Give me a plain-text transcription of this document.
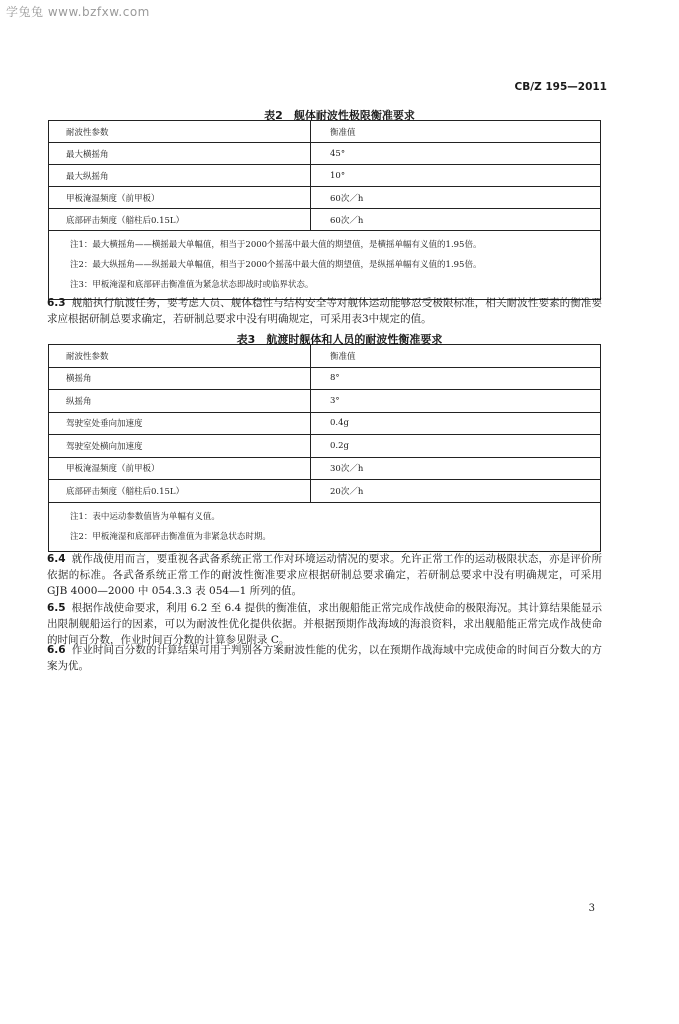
学兔兔 www.bzfxw.com
CB/Z 195—2011
表2　舰体耐波性极限衡准要求
耐波性参数	衡准值
最大横摇角	45°
最大纵摇角	10°
甲板淹湿频度（前甲板）	60次／h
底部砰击频度（艏柱后0.15L）	60次／h

注1：最大横摇角——横摇最大单幅值，相当于2000个摇荡中最大值的期望值，是横摇单幅有义值的1.95倍。
注2：最大纵摇角——纵摇最大单幅值，相当于2000个摇荡中最大值的期望值，是纵摇单幅有义值的1.95倍。
注3：甲板淹湿和底部砰击衡准值为紧急状态即战时或临界状态。	
6.3 舰船执行航渡任务，要考虑人员、舰体稳性与结构安全等对舰体运动能够忍受极限标准，相关耐波性要素的衡准要求应根据研制总要求确定，若研制总要求中没有明确规定，可采用表3中规定的值。
表3　航渡时舰体和人员的耐波性衡准要求
耐波性参数	衡准值
横摇角	8°
纵摇角	3°
驾驶室处垂向加速度	0.4g
驾驶室处横向加速度	0.2g
甲板淹湿频度（前甲板）	30次／h
底部砰击频度（艏柱后0.15L）	20次／h

注1：表中运动参数值皆为单幅有义值。
注2：甲板淹湿和底部砰击衡准值为非紧急状态时期。	
6.4 就作战使用而言，要重视各武备系统正常工作对环境运动情况的要求。允许正常工作的运动极限状态，亦是评价所依据的标准。各武备系统正常工作的耐波性衡准要求应根据研制总要求确定，若研制总要求中没有明确规定，可采用 GJB 4000—2000 中 054.3.3 表 054—1 所列的值。
6.5 根据作战使命要求，利用 6.2 至 6.4 提供的衡准值，求出舰船能正常完成作战使命的极限海况。其计算结果能显示出限制舰船运行的因素，可以为耐波性优化提供依据。并根据预期作战海域的海浪资料，求出舰船能正常完成作战使命的时间百分数，作业时间百分数的计算参见附录 C。
6.6 作业时间百分数的计算结果可用于判别各方案耐波性能的优劣，以在预期作战海域中完成使命的时间百分数大的方案为优。
3
